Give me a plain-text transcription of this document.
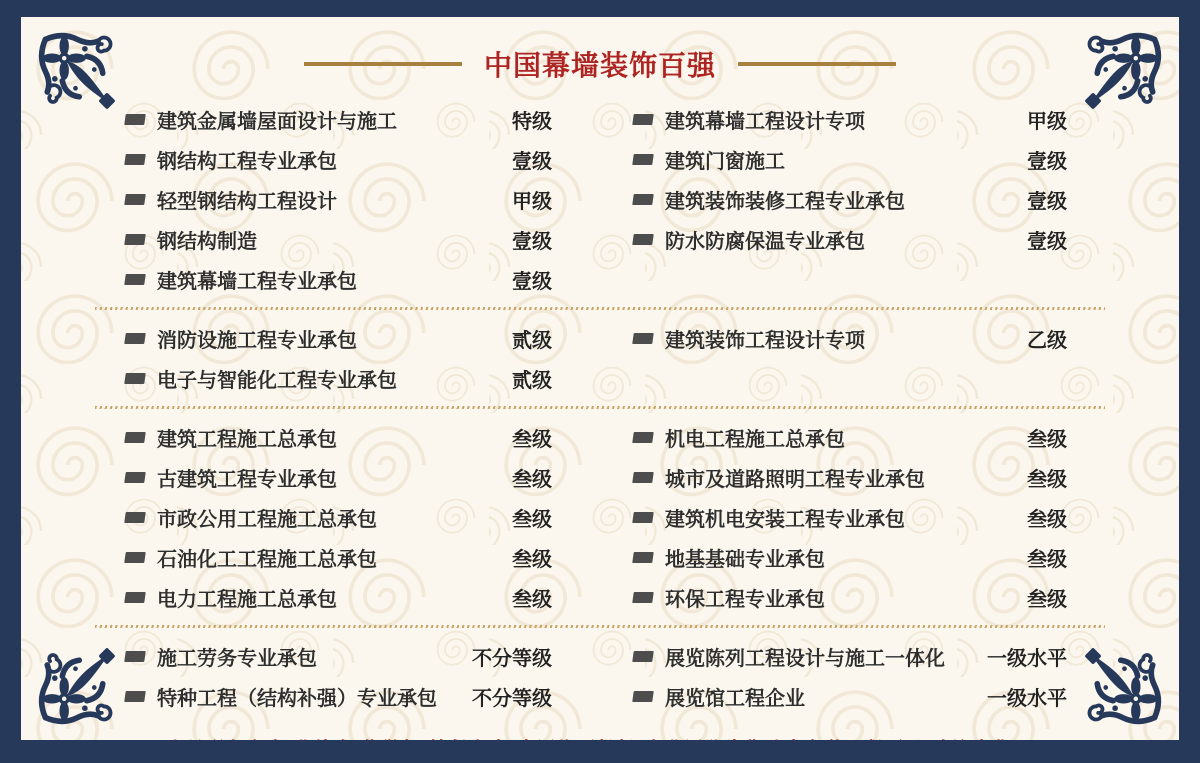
中国幕墙装饰百强
建筑金属墙屋面设计与施工	特级
钢结构工程专业承包	壹级
轻型钢结构工程设计	甲级
钢结构制造	壹级
建筑幕墙工程专业承包	壹级
建筑幕墙工程设计专项	甲级
建筑门窗施工	壹级
建筑装饰装修工程专业承包	壹级
防水防腐保温专业承包	壹级
消防设施工程专业承包	贰级
电子与智能化工程专业承包	贰级
建筑装饰工程设计专项	乙级
建筑工程施工总承包	叁级
古建筑工程专业承包	叁级
市政公用工程施工总承包	叁级
石油化工工程施工总承包	叁级
电力工程施工总承包	叁级
机电工程施工总承包	叁级
城市及道路照明工程专业承包	叁级
建筑机电安装工程专业承包	叁级
地基基础专业承包	叁级
环保工程专业承包	叁级
施工劳务专业承包	不分等级
特种工程（结构补强）专业承包	不分等级
展览陈列工程设计与施工一体化	一级水平
展览馆工程企业	一级水平
人员配备齐全/业绩多/信誉好/社保齐全/全国均可投标/专业团队为您助力各种工程项目/欢迎合作！
